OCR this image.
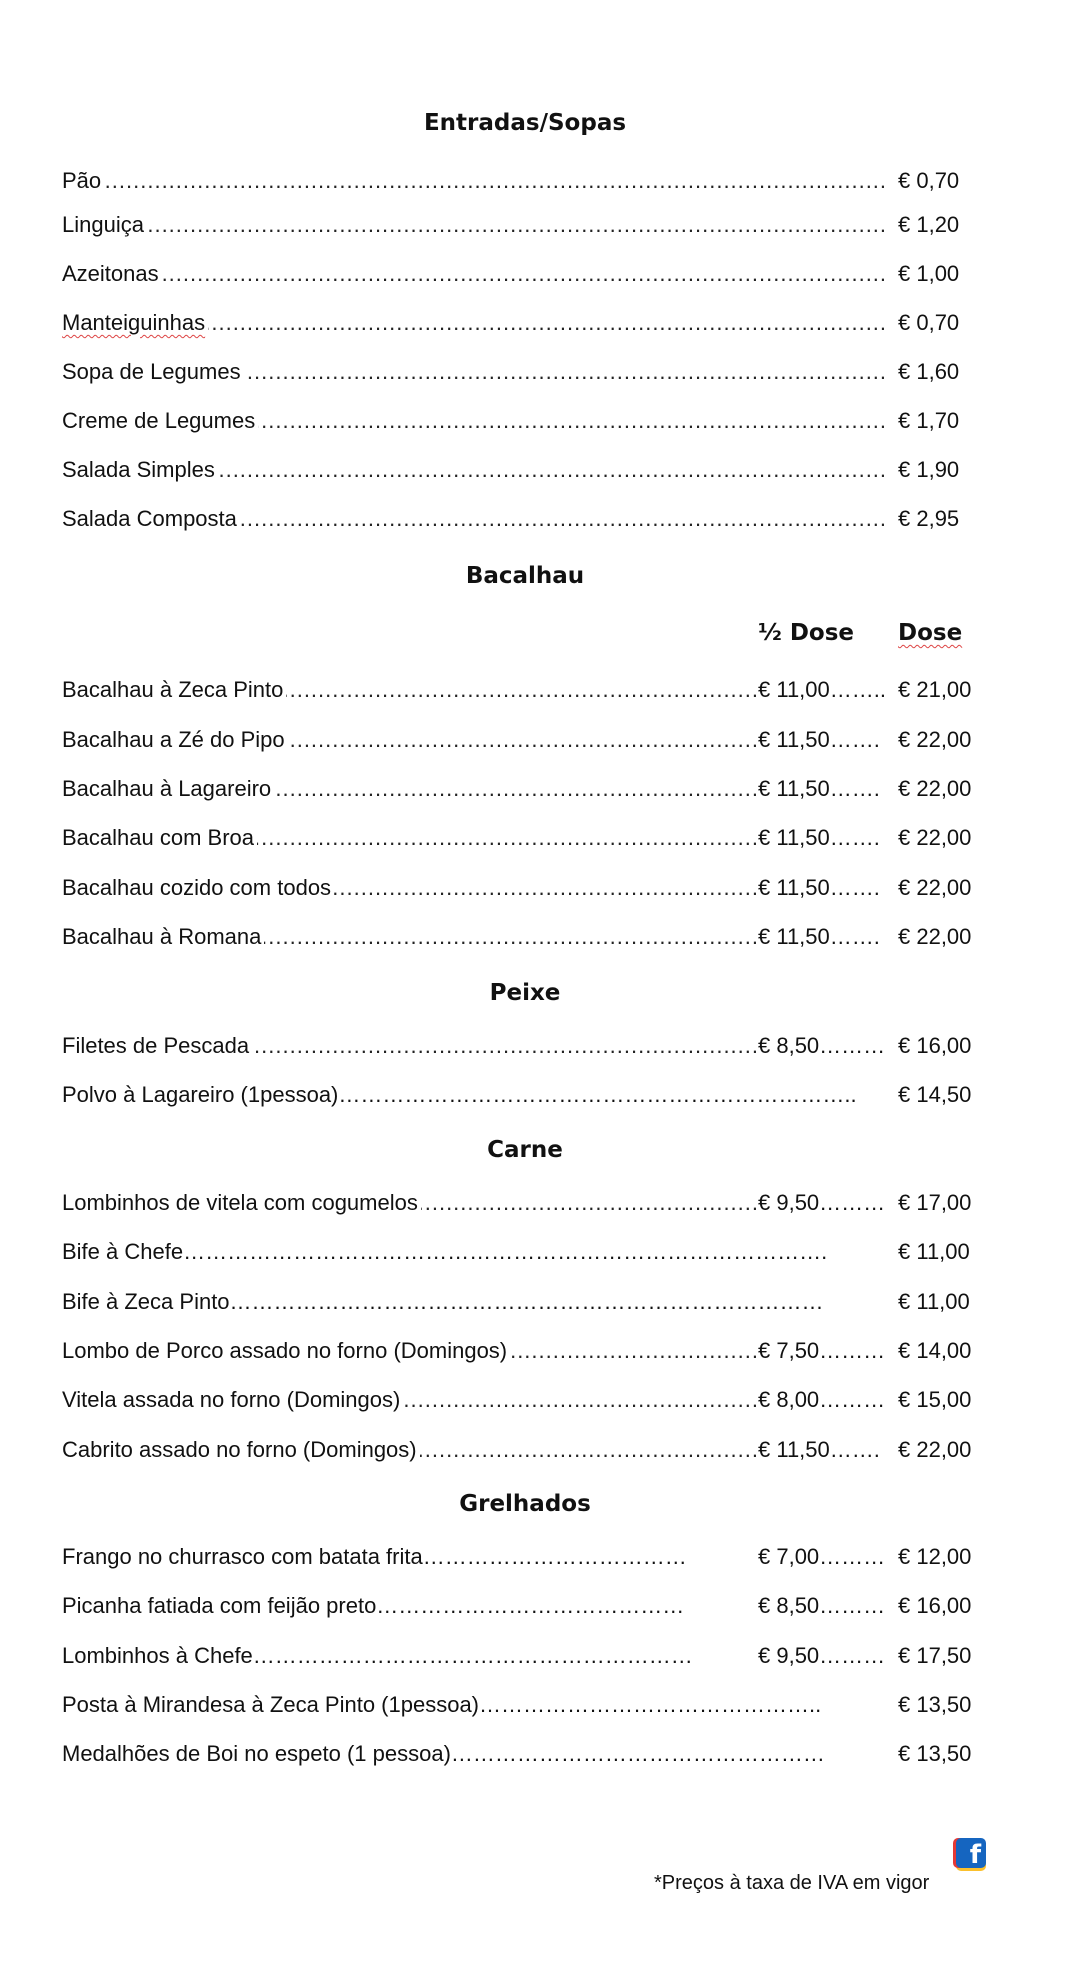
Entradas/Sopas
.....
Pão	€ 0,70
.....
Linguiça	€ 1,20
.....
Azeitonas	€ 1,00
.....
Manteiguinhas	€ 0,70
.....
Sopa de Legumes	€ 1,60
.....
Creme de Legumes	€ 1,70
.....
Salada Simples	€ 1,90
.....
Salada Composta	€ 2,95
Bacalhau
½ Dose Dose
.....
Bacalhau à Zeca Pinto	€ 11,00…….. € 21,00
.....
Bacalhau a Zé do Pipo	€ 11,50……. € 22,00
.....
Bacalhau à Lagareiro	€ 11,50……. € 22,00
.....
Bacalhau com Broa	€ 11,50……. € 22,00
.....
Bacalhau cozido com todos	€ 11,50……. € 22,00
.....
Bacalhau à Romana	€ 11,50……. € 22,00
Peixe
.....
Filetes de Pescada	€ 8,50……… € 16,00
Polvo à Lagareiro (1pessoa)…………………………………………………………….. € 14,50
Carne
.....
Lombinhos de vitela com cogumelos	€ 9,50……… € 17,00
Bife à Chefe…………………………………………………………………………….	€ 11,00
Bife à Zeca Pinto………………………………………………………………………	€ 11,00
.....
Lombo de Porco assado no forno (Domingos)	€ 7,50……… € 14,00
.....
Vitela assada no forno (Domingos)	€ 8,00……… € 15,00
.....
Cabrito assado no forno (Domingos)	€ 11,50……. € 22,00
Grelhados
Frango no churrasco com batata frita………………………………	€ 7,00……… € 12,00
Picanha fatiada com feijão preto……………………………………	€ 8,50……… € 16,00
Lombinhos à Chefe……………………………………………………	€ 9,50……… € 17,50
Posta à Mirandesa à Zeca Pinto (1pessoa)………………………………………..	€ 13,50
Medalhões de Boi no espeto (1 pessoa)……………………………………………	€ 13,50
f
*Preços à taxa de IVA em vigor
